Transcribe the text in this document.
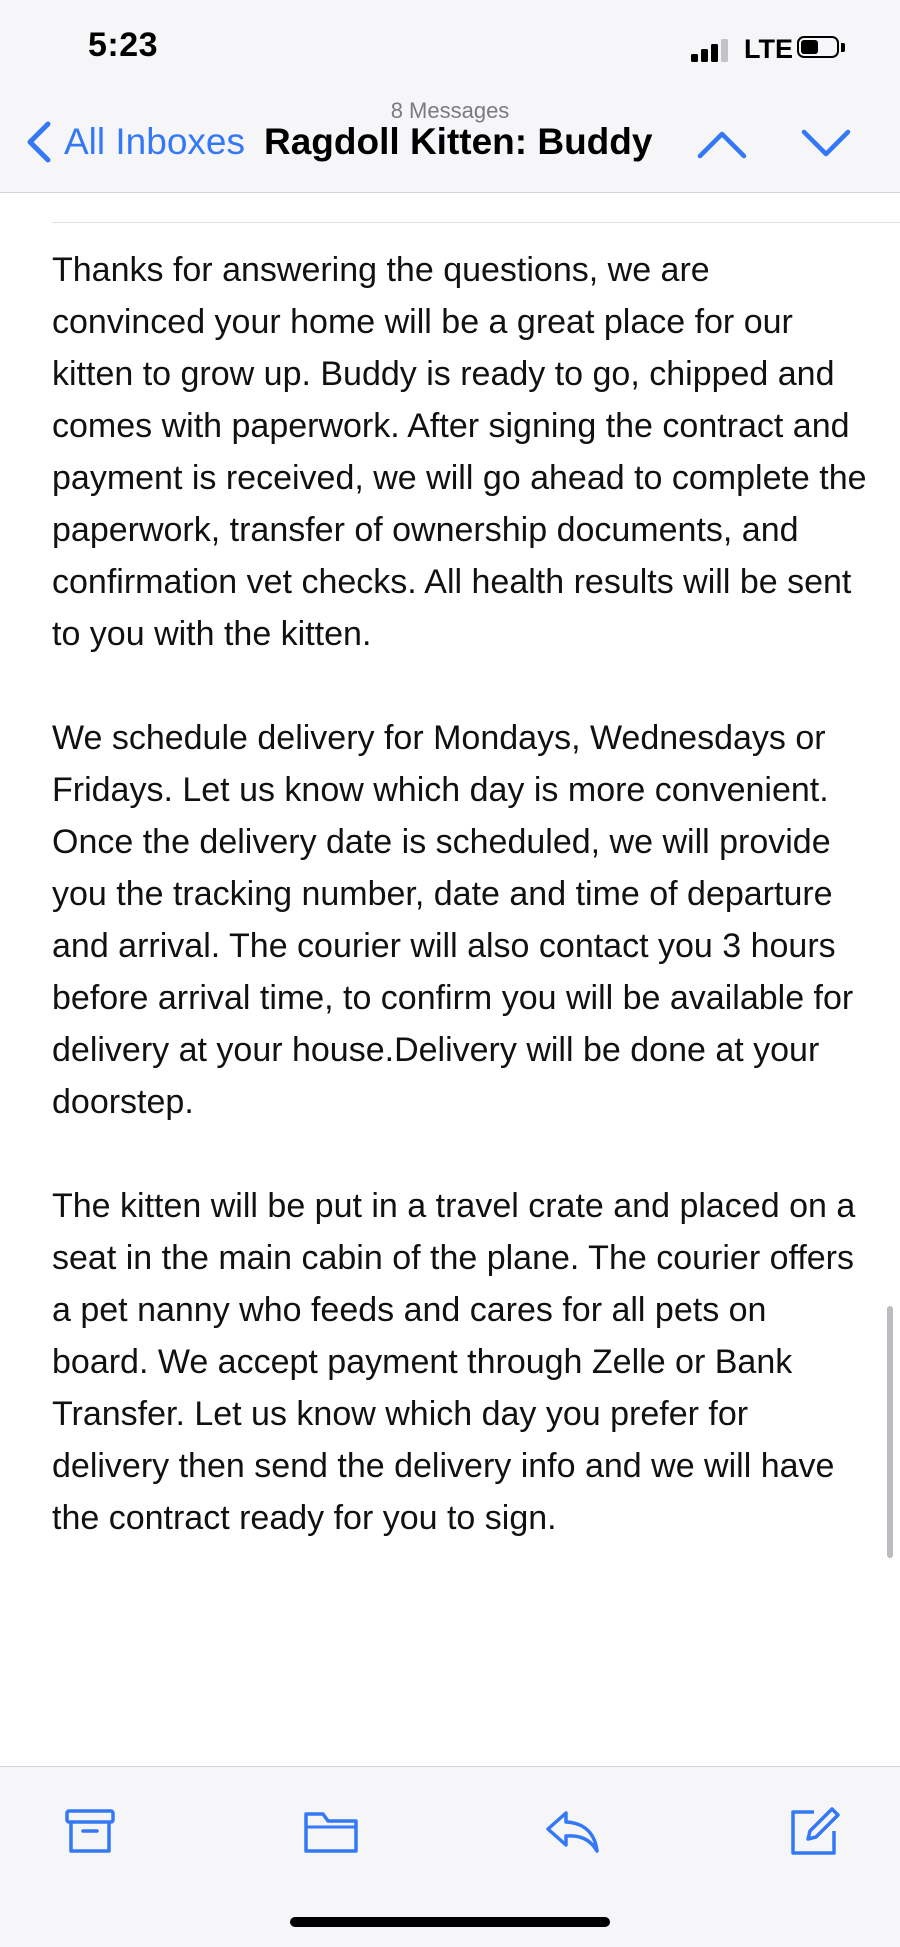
5:23	LTE
8 Messages
All Inboxes Ragdoll Kitten: Buddy

Thanks for answering the questions, we are convinced your home will be a great place for our kitten to grow up. Buddy is ready to go, chipped and comes with paperwork. After signing the contract and payment is received, we will go ahead to complete the paperwork, transfer of ownership documents, and confirmation vet checks. All health results will be sent to you with the kitten.

We schedule delivery for Mondays, Wednesdays or Fridays. Let us know which day is more convenient. Once the delivery date is scheduled, we will provide you the tracking number, date and time of departure and arrival. The courier will also contact you 3 hours before arrival time, to confirm you will be available for delivery at your house.Delivery will be done at your doorstep.

The kitten will be put in a travel crate and placed on a seat in the main cabin of the plane. The courier offers a pet nanny who feeds and cares for all pets on board. We accept payment through Zelle or Bank Transfer. Let us know which day you prefer for delivery then send the delivery info and we will have the contract ready for you to sign.
